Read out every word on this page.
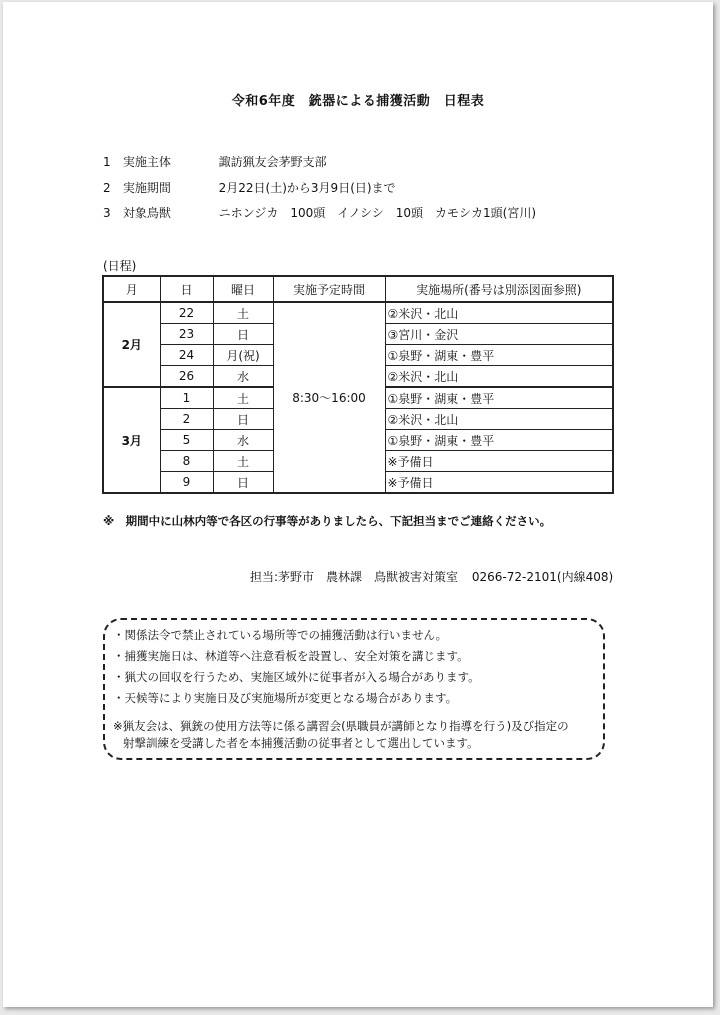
令和6年度　銃器による捕獲活動　日程表
1 実施主体	諏訪猟友会茅野支部
2 実施期間	2月22日(土)から3月9日(日)まで
3 対象鳥獣	ニホンジカ　100頭　イノシシ　10頭　カモシカ1頭(宮川)
(日程)
月	日	曜日	実施予定時間	実施場所(番号は別添図面参照)
2月	22	土	8:30～16:00	②米沢・北山
	23	日		③宮川・金沢
	24	月(祝)		①泉野・湖東・豊平
	26	水		②米沢・北山
3月	1	土		①泉野・湖東・豊平
	2	日		②米沢・北山
	5	水		①泉野・湖東・豊平
	8	土		※予備日
	9	日		※予備日
※　期間中に山林内等で各区の行事等がありましたら、下記担当までご連絡ください。
担当:茅野市　農林課　鳥獣被害対策室 0266-72-2101(内線408)
・関係法令で禁止されている場所等での捕獲活動は行いません。
・捕獲実施日は、林道等へ注意看板を設置し、安全対策を講じます。
・猟犬の回収を行うため、実施区域外に従事者が入る場合があります。
・天候等により実施日及び実施場所が変更となる場合があります。
※猟友会は、猟銃の使用方法等に係る講習会(県職員が講師となり指導を行う)及び指定の
射撃訓練を受講した者を本捕獲活動の従事者として選出しています。
